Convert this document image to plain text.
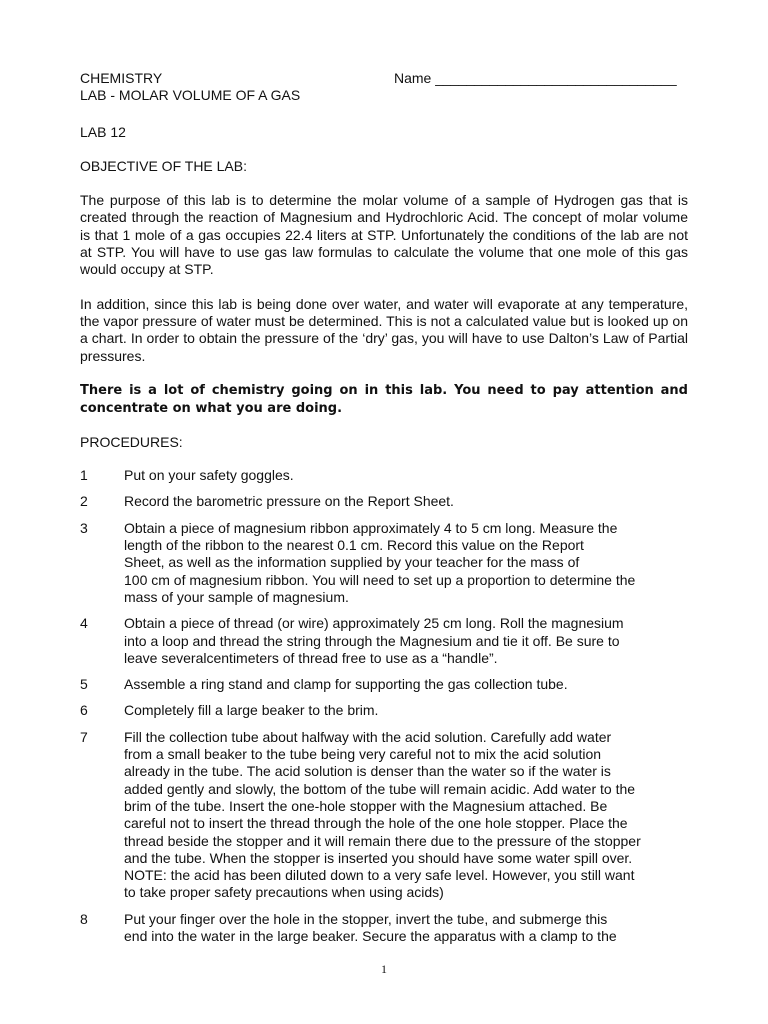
CHEMISTRY	Name _______________________________
LAB - MOLAR VOLUME OF A GAS
LAB 12
OBJECTIVE OF THE LAB:

The purpose of this lab is to determine the molar volume of a sample of Hydrogen gas that is created through the reaction of Magnesium and Hydrochloric Acid. The concept of molar volume is that 1 mole of a gas occupies 22.4 liters at STP. Unfortunately the conditions of the lab are not at STP. You will have to use gas law formulas to calculate the volume that one mole of this gas would occupy at STP.

In addition, since this lab is being done over water, and water will evaporate at any temperature, the vapor pressure of water must be determined. This is not a calculated value but is looked up on a chart. In order to obtain the pressure of the ‘dry’ gas, you will have to use Dalton’s Law of Partial pressures.

There is a lot of chemistry going on in this lab. You need to pay attention and concentrate on what you are doing.

PROCEDURES:
1	Put on your safety goggles.
2	Record the barometric pressure on the Report Sheet.
3	Obtain a piece of magnesium ribbon approximately 4 to 5 cm long. Measure the
length of the ribbon to the nearest 0.1 cm. Record this value on the Report
Sheet, as well as the information supplied by your teacher for the mass of
100 cm of magnesium ribbon. You will need to set up a proportion to determine the
mass of your sample of magnesium.
4	Obtain a piece of thread (or wire) approximately 25 cm long. Roll the magnesium
into a loop and thread the string through the Magnesium and tie it off. Be sure to
leave severalcentimeters of thread free to use as a “handle”.
5	Assemble a ring stand and clamp for supporting the gas collection tube.
6	Completely fill a large beaker to the brim.
7	Fill the collection tube about halfway with the acid solution. Carefully add water
from a small beaker to the tube being very careful not to mix the acid solution
already in the tube. The acid solution is denser than the water so if the water is
added gently and slowly, the bottom of the tube will remain acidic. Add water to the
brim of the tube. Insert the one-hole stopper with the Magnesium attached. Be
careful not to insert the thread through the hole of the one hole stopper. Place the
thread beside the stopper and it will remain there due to the pressure of the stopper
and the tube. When the stopper is inserted you should have some water spill over.
NOTE: the acid has been diluted down to a very safe level. However, you still want
to take proper safety precautions when using acids)
8	Put your finger over the hole in the stopper, invert the tube, and submerge this
end into the water in the large beaker. Secure the apparatus with a clamp to the
1
